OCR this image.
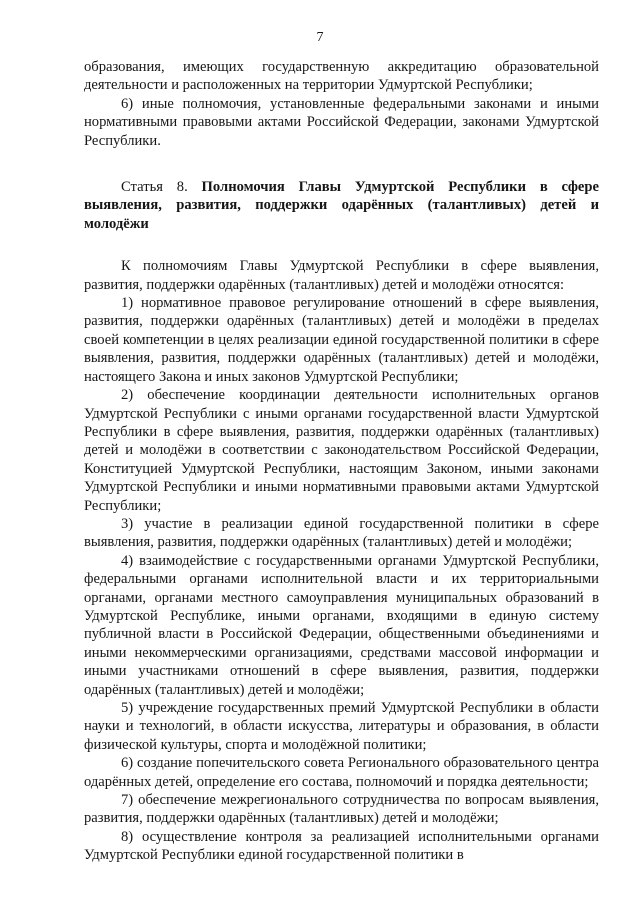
7

образования, имеющих государственную аккредитацию образовательной деятельности и расположенных на территории Удмуртской Республики;

6) иные полномочия, установленные федеральными законами и иными нормативными правовыми актами Российской Федерации, законами Удмуртской Республики.

Статья 8. Полномочия Главы Удмуртской Республики в сфере выявления, развития, поддержки одарённых (талантливых) детей и молодёжи

К полномочиям Главы Удмуртской Республики в сфере выявления, развития, поддержки одарённых (талантливых) детей и молодёжи относятся:

1) нормативное правовое регулирование отношений в сфере выявления, развития, поддержки одарённых (талантливых) детей и молодёжи в пределах своей компетенции в целях реализации единой государственной политики в сфере выявления, развития, поддержки одарённых (талантливых) детей и молодёжи, настоящего Закона и иных законов Удмуртской Республики;

2) обеспечение координации деятельности исполнительных органов Удмуртской Республики с иными органами государственной власти Удмуртской Республики в сфере выявления, развития, поддержки одарённых (талантливых) детей и молодёжи в соответствии с законодательством Российской Федерации, Конституцией Удмуртской Республики, настоящим Законом, иными законами Удмуртской Республики и иными нормативными правовыми актами Удмуртской Республики;

3) участие в реализации единой государственной политики в сфере выявления, развития, поддержки одарённых (талантливых) детей и молодёжи;

4) взаимодействие с государственными органами Удмуртской Республики, федеральными органами исполнительной власти и их территориальными органами, органами местного самоуправления муниципальных образований в Удмуртской Республике, иными органами, входящими в единую систему публичной власти в Российской Федерации, общественными объединениями и иными некоммерческими организациями, средствами массовой информации и иными участниками отношений в сфере выявления, развития, поддержки одарённых (талантливых) детей и молодёжи;

5) учреждение государственных премий Удмуртской Республики в области науки и технологий, в области искусства, литературы и образования, в области физической культуры, спорта и молодёжной политики;

6) создание попечительского совета Регионального образовательного центра одарённых детей, определение его состава, полномочий и порядка деятельности;

7) обеспечение межрегионального сотрудничества по вопросам выявления, развития, поддержки одарённых (талантливых) детей и молодёжи;

8) осуществление контроля за реализацией исполнительными органами Удмуртской Республики единой государственной политики в
